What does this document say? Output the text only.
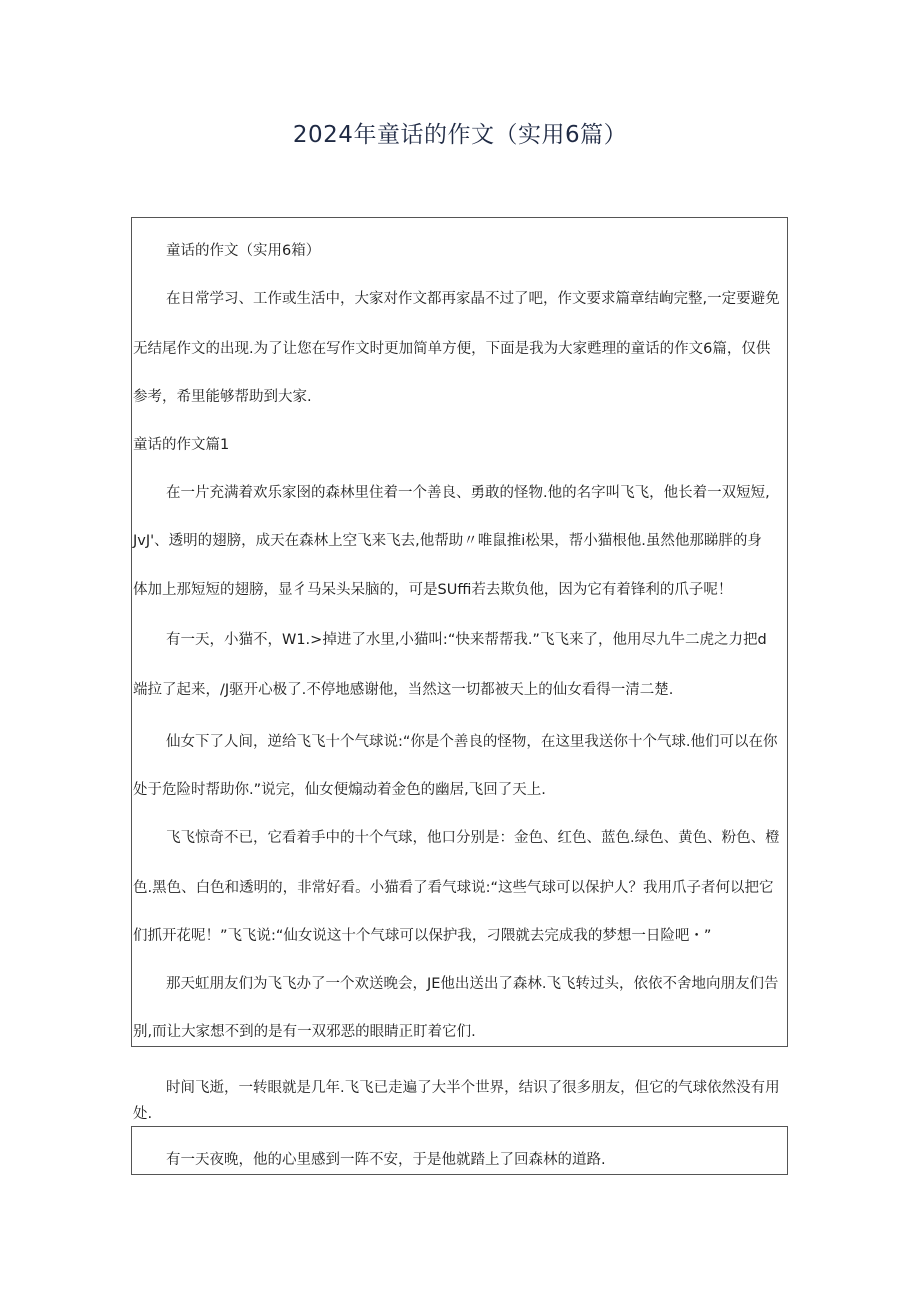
2024年童话的作文（实用6篇）
童话的作文（实用6箱）
在日常学习、工作或生活中，大家对作文都再家晶不过了吧，作文要求篇章结峋完整,一定要避免
无结尾作文的出现.为了让您在写作文时更加简单方便，下面是我为大家甦理的童话的作文6篇，仅供
参考，希里能够帮助到大家.
童话的作文篇1
在一片充满着欢乐家囹的森林里住着一个善良、勇敢的怪物.他的名字叫飞飞，他长着一双短短,
JvJ'、透明的翅膀，成天在森林上空飞来飞去,他帮助〃唯鼠推i松果，帮小猫根他.虽然他那睇胖的身
体加上那短短的翅膀，显彳马呆头呆脑的，可是SUffi若去欺负他，因为它有着锋利的爪子呢！
有一天，小猫不，W1.>掉进了水里,小猫叫:“快来帮帮我.”飞飞来了，他用尽九牛二虎之力把d
端拉了起来，/J驱开心极了.不停地感谢他，当然这一切都被天上的仙女看得一清二楚.
仙女下了人间，逆给飞飞十个气球说:“你是个善良的怪物，在这里我送你十个气球.他们可以在你
处于危险时帮助你.”说完，仙女便煽动着金色的幽居,飞回了天上.
飞飞惊奇不已，它看着手中的十个气球，他口分别是：金色、红色、蓝色.绿色、黄色、粉色、橙
色.黑色、白色和透明的，非常好看。小猫看了看气球说:“这些气球可以保护人？我用爪子者何以把它
们抓开花呢！”飞飞说:“仙女说这十个气球可以保护我，刁隈就去完成我的梦想一日险吧・”
那天虹朋友们为飞飞办了一个欢送晚会，JE他出送出了森林.飞飞转过头，依依不舍地向朋友们告
别,而让大家想不到的是有一双邪恶的眼睛正盯着它们.
时间飞逝，一转眼就是几年.飞飞已走遍了大半个世界，结识了很多朋友，但它的气球依然没有用
处.
有一天夜晚，他的心里感到一阵不安，于是他就踏上了回森林的道路.
